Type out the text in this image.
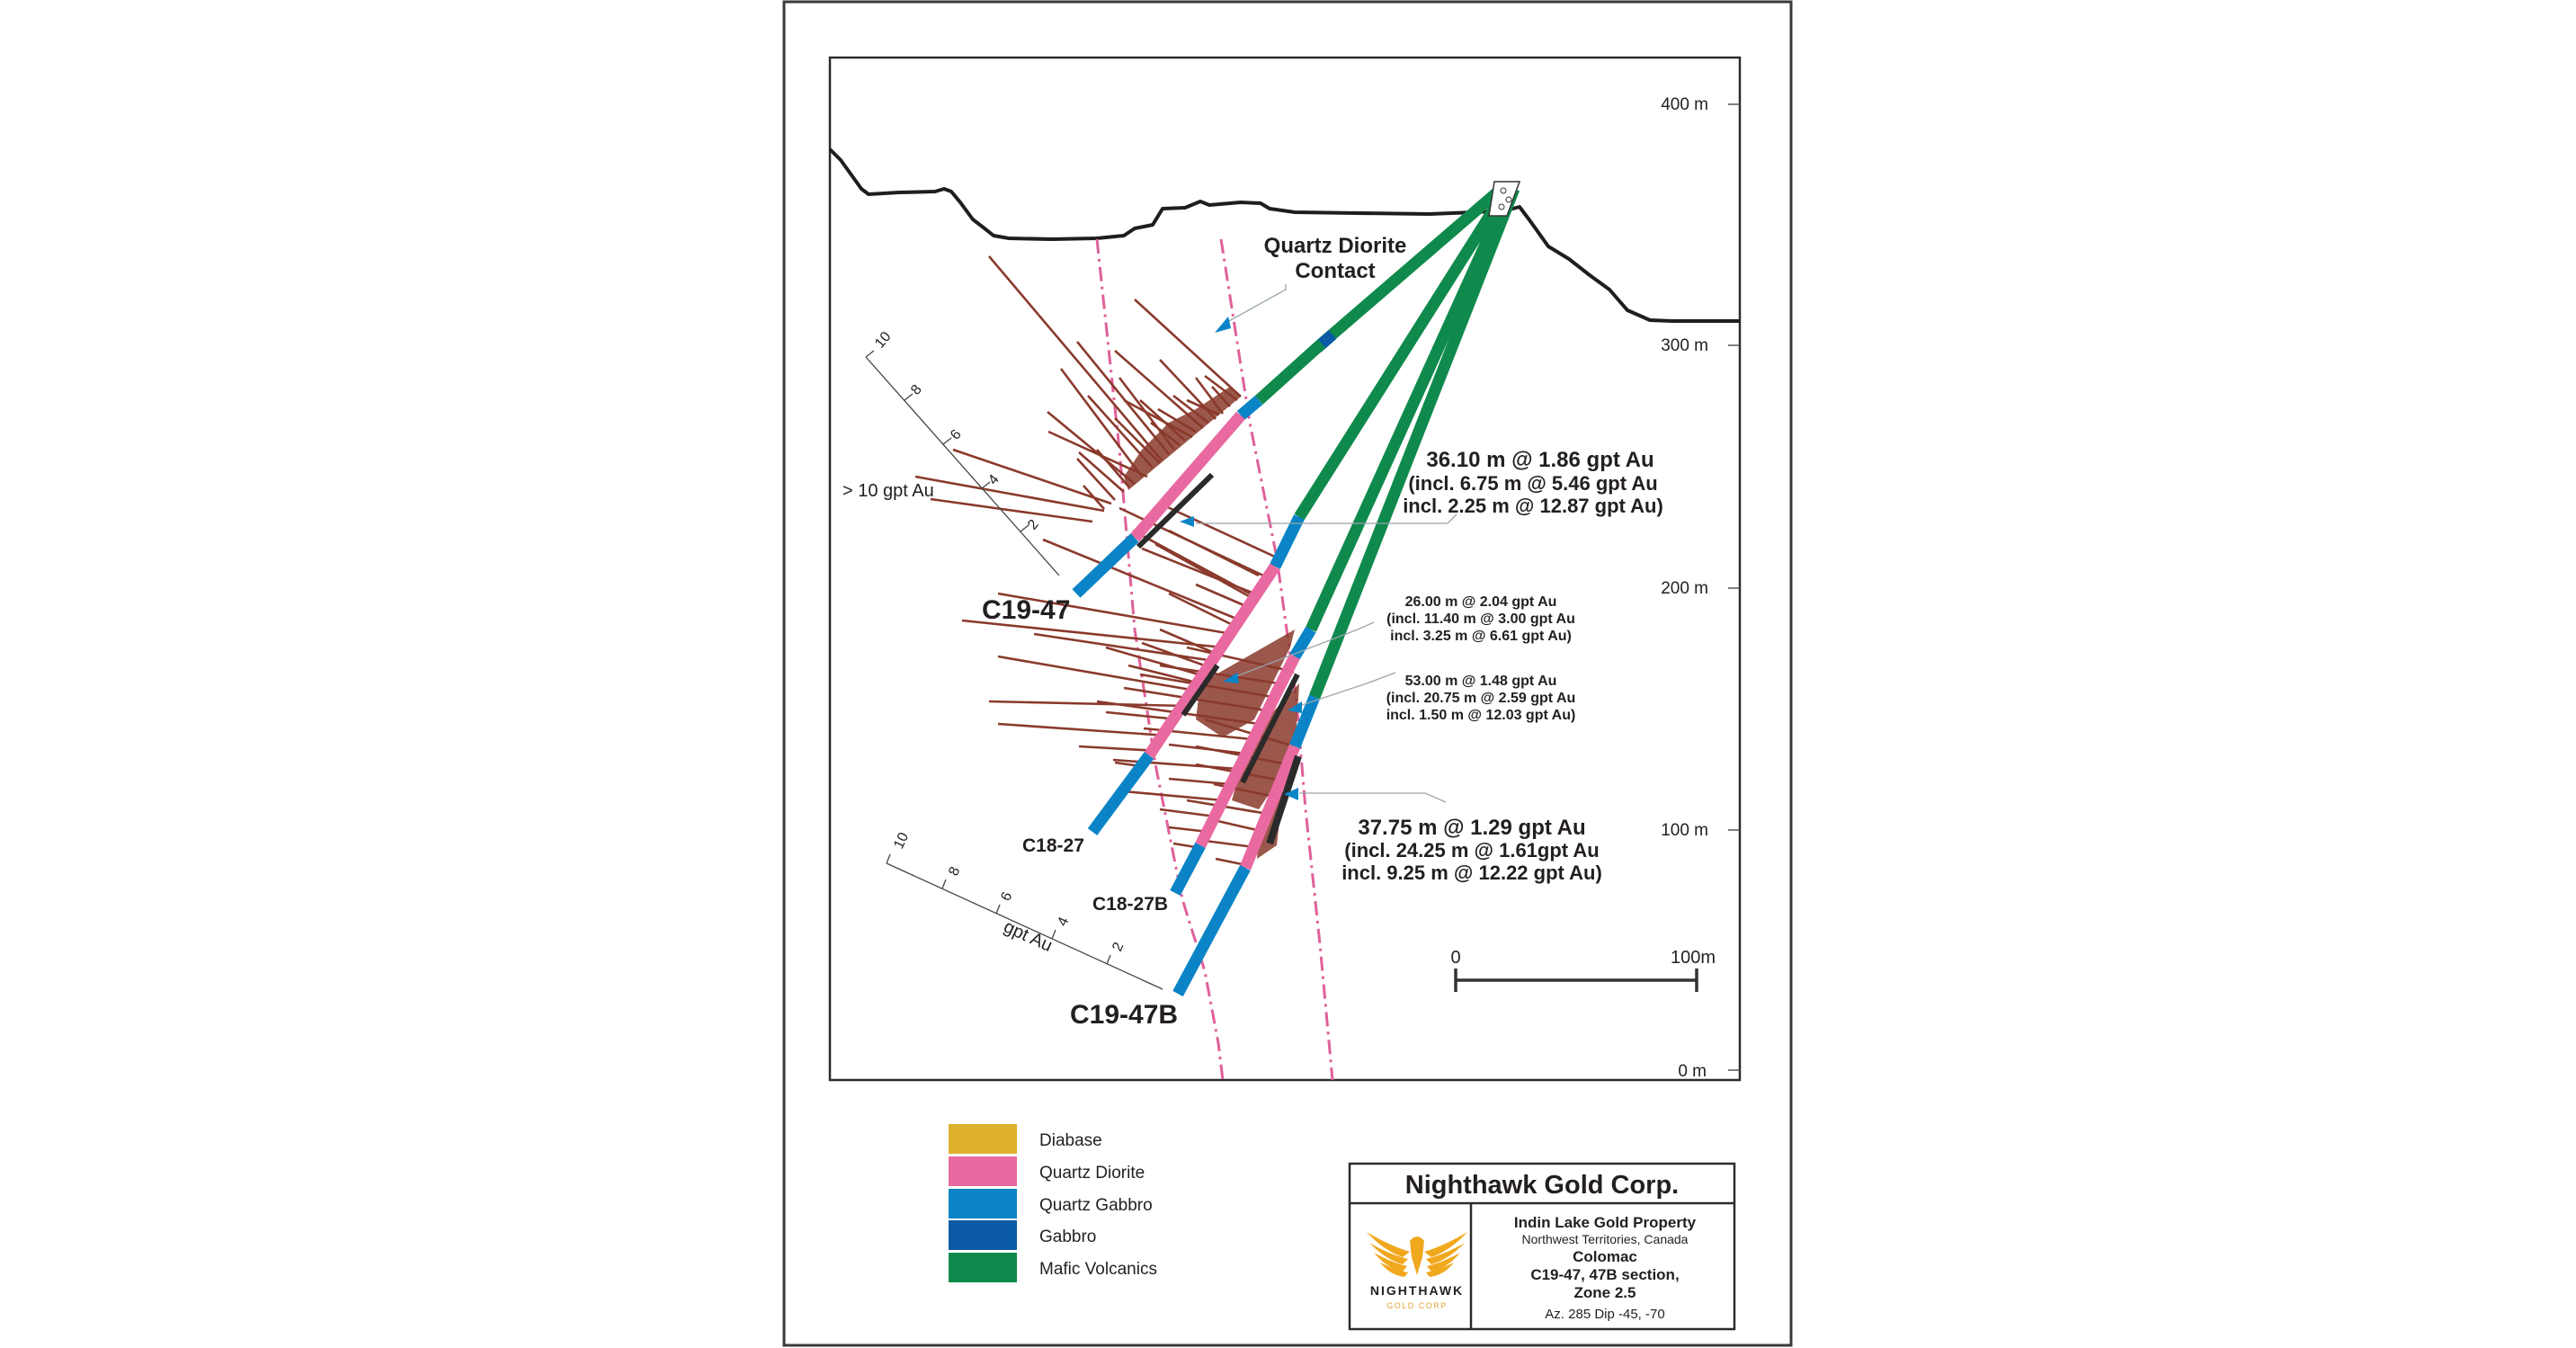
400 m
300 m
200 m
100 m
0 m
10
8
6
4
2
> 10 gpt Au
10
8
6
4
2
gpt Au
Quartz Diorite
Contact
36.10 m @ 1.86 gpt Au
(incl. 6.75 m @ 5.46 gpt Au
incl. 2.25 m @ 12.87 gpt Au)
26.00 m @ 2.04 gpt Au
(incl. 11.40 m @ 3.00 gpt Au
incl. 3.25 m @ 6.61 gpt Au)
53.00 m @ 1.48 gpt Au
(incl. 20.75 m @ 2.59 gpt Au
incl. 1.50 m @ 12.03 gpt Au)
37.75 m @ 1.29 gpt Au
(incl. 24.25 m @ 1.61gpt Au
incl. 9.25 m @ 12.22 gpt Au)
C19-47
C18-27
C18-27B
C19-47B
0	100m
Diabase
Quartz Diorite
Quartz Gabbro
Gabbro
Mafic Volcanics
Nighthawk Gold Corp.
NIGHTHAWK
GOLD CORP
Indin Lake Gold Property
Northwest Territories, Canada
Colomac
C19-47, 47B section,
Zone 2.5
Az. 285 Dip -45, -70
